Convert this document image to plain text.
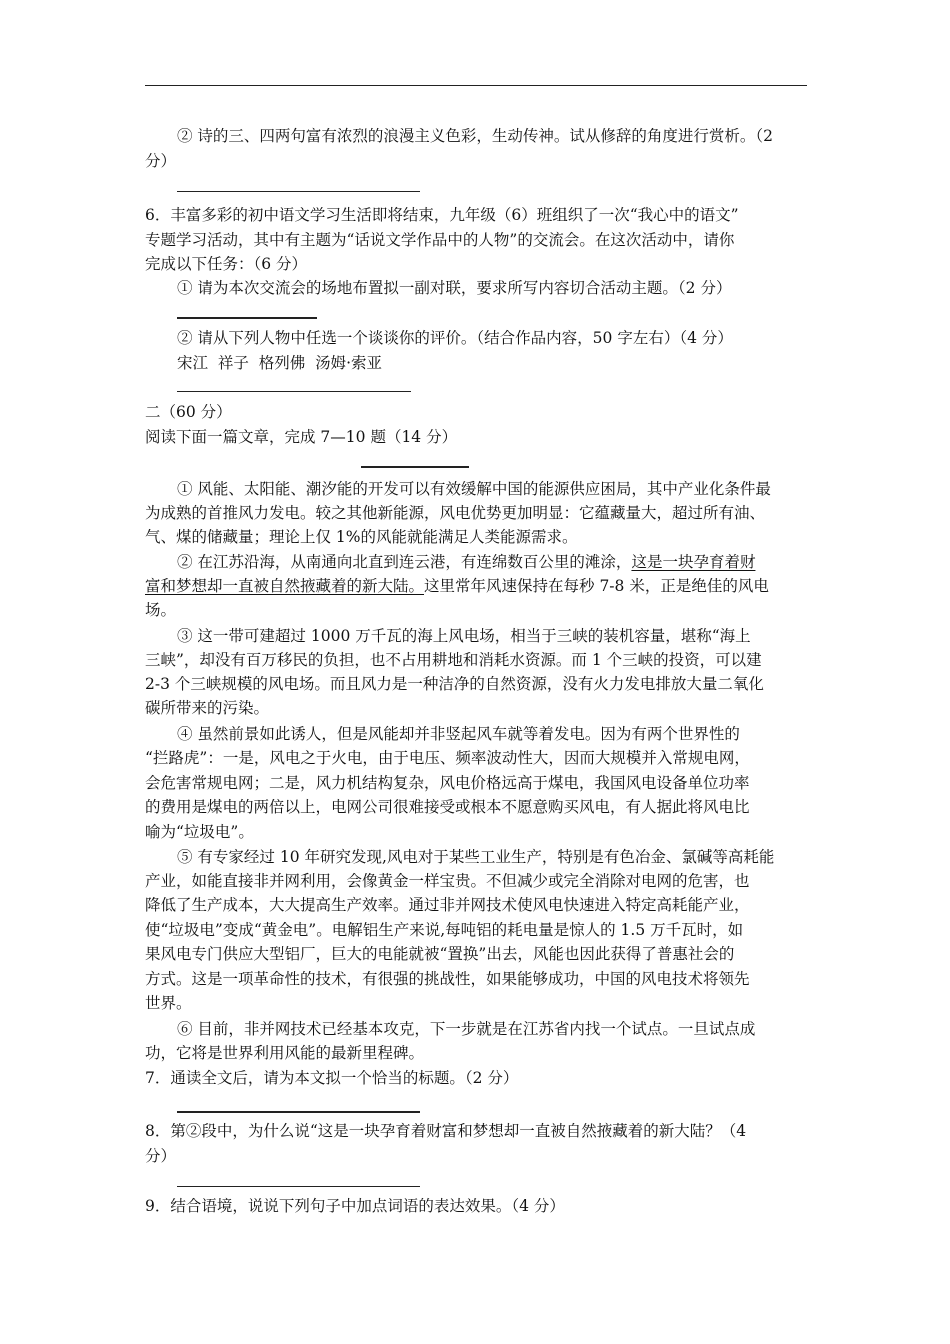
② 诗的三、四两句富有浓烈的浪漫主义色彩，生动传神。试从修辞的角度进行赏析。（2
分）
6．丰富多彩的初中语文学习生活即将结束，九年级（6）班组织了一次“我心中的语文”
专题学习活动，其中有主题为“话说文学作品中的人物”的交流会。在这次活动中，请你
完成以下任务：（6 分）
① 请为本次交流会的场地布置拟一副对联，要求所写内容切合活动主题。（2 分）
② 请从下列人物中任选一个谈谈你的评价。（结合作品内容，50 字左右）（4 分）
宋江  祥子  格列佛  汤姆·索亚
二（60 分）
阅读下面一篇文章，完成 7—10 题（14 分）
① 风能、太阳能、潮汐能的开发可以有效缓解中国的能源供应困局，其中产业化条件最
为成熟的首推风力发电。较之其他新能源，风电优势更加明显：它蕴藏量大，超过所有油、
气、煤的储藏量；理论上仅 1%的风能就能满足人类能源需求。
② 在江苏沿海，从南通向北直到连云港，有连绵数百公里的滩涂，这是一块孕育着财
富和梦想却一直被自然掖藏着的新大陆。这里常年风速保持在每秒 7-8 米，正是绝佳的风电
场。
③ 这一带可建超过 1000 万千瓦的海上风电场，相当于三峡的装机容量，堪称“海上
三峡”，却没有百万移民的负担，也不占用耕地和消耗水资源。而 1 个三峡的投资，可以建
2-3 个三峡规模的风电场。而且风力是一种洁净的自然资源，没有火力发电排放大量二氧化
碳所带来的污染。
④ 虽然前景如此诱人，但是风能却并非竖起风车就等着发电。因为有两个世界性的
“拦路虎”：一是，风电之于火电，由于电压、频率波动性大，因而大规模并入常规电网，
会危害常规电网；二是，风力机结构复杂，风电价格远高于煤电，我国风电设备单位功率
的费用是煤电的两倍以上，电网公司很难接受或根本不愿意购买风电，有人据此将风电比
喻为“垃圾电”。
⑤ 有专家经过 10 年研究发现,风电对于某些工业生产，特别是有色冶金、氯碱等高耗能
产业，如能直接非并网利用，会像黄金一样宝贵。不但减少或完全消除对电网的危害，也
降低了生产成本，大大提高生产效率。通过非并网技术使风电快速进入特定高耗能产业，
使“垃圾电”变成“黄金电”。电解铝生产来说,每吨铝的耗电量是惊人的 1.5 万千瓦时，如
果风电专门供应大型铝厂，巨大的电能就被“置换”出去，风能也因此获得了普惠社会的
方式。这是一项革命性的技术，有很强的挑战性，如果能够成功，中国的风电技术将领先
世界。
⑥ 目前，非并网技术已经基本攻克，下一步就是在江苏省内找一个试点。一旦试点成
功，它将是世界利用风能的最新里程碑。
7．通读全文后，请为本文拟一个恰当的标题。（2 分）
8．第②段中，为什么说“这是一块孕育着财富和梦想却一直被自然掖藏着的新大陆？（4
分）
9．结合语境，说说下列句子中加点词语的表达效果。（4 分）
